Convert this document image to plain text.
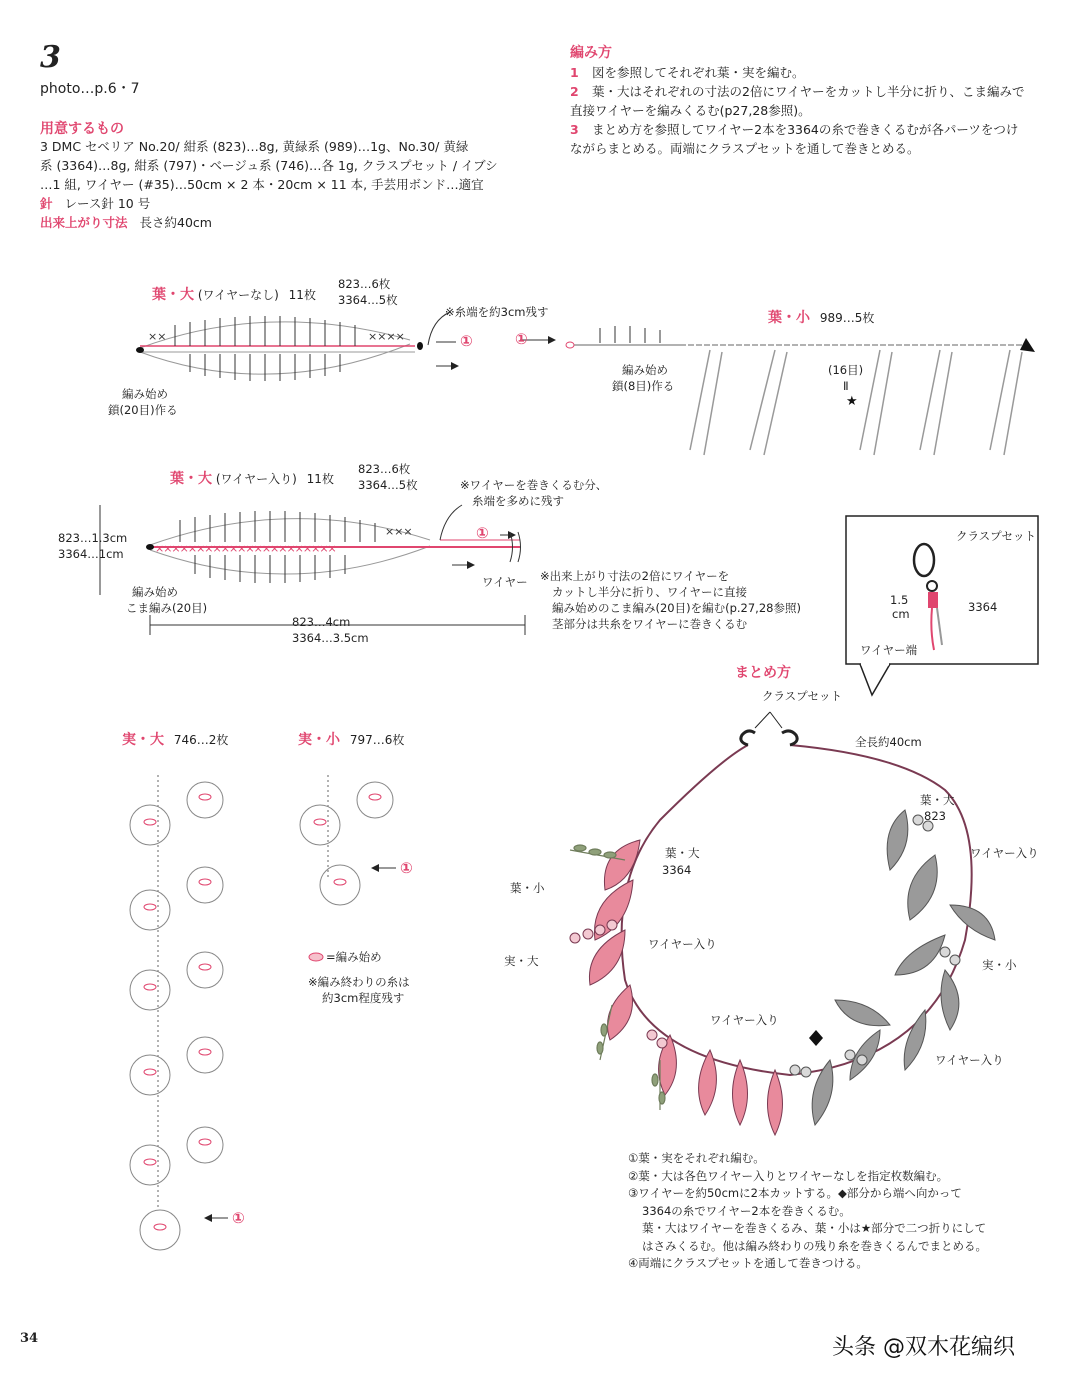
3
photo…p.6・7
用意するもの
3 DMC セベリア No.20/ 紺系 (823)…8g, 黄緑系 (989)…1g、No.30/ 黄緑
系 (3364)…8g, 紺系 (797)・ベージュ系 (746)…各 1g, クラスプセット / イブシ
…1 組, ワイヤー (#35)…50cm × 2 本・20cm × 11 本, 手芸用ボンド…適宜
針 レース針 10 号
出来上がり寸法 長さ約40cm
編み方
1 図を参照してそれぞれ葉・実を編む。
2 葉・大はそれぞれの寸法の2倍にワイヤーをカットし半分に折り、こま編みで
直接ワイヤーを編みくるむ(p27,28参照)。
3 まとめ方を参照してワイヤー2本を3364の糸で巻きくるむが各パーツをつけ
ながらまとめる。両端にクラスプセットを通して巻きとめる。
××××
××
★
××××××××××××××××××××××
×××
葉・大 (ワイヤーなし) 11枚
823…6枚
3364…5枚
※糸端を約3cm残す
①
編み始め
鎖(20目)作る
①
葉・小 989…5枚
編み始め
鎖(8目)作る
(16目)
Ⅱ
葉・大 (ワイヤー入り) 11枚
823…6枚
3364…5枚	※ワイヤーを巻きくるむ分、
糸端を多めに残す
①
823…1.3cm
3364…1cm
編み始め
こま編み(20目)
823…4cm
3364…3.5cm
ワイヤー ※出来上がり寸法の2倍にワイヤーを
カットし半分に折り、ワイヤーに直接
編み始めのこま編み(20目)を編む(p.27,28参照)
茎部分は共糸をワイヤーに巻きくるむ
クラスプセット
1.5
cm	3364
ワイヤー端
まとめ方
クラスプセット
全長約40cm
葉・大
823
ワイヤー入り
葉・大
3364
葉・小
実・大
ワイヤー入り
実・小
ワイヤー入り
ワイヤー入り
①葉・実をそれぞれ編む。
②葉・大は各色ワイヤー入りとワイヤーなしを指定枚数編む。
③ワイヤーを約50cmに2本カットする。◆部分から端へ向かって
3364の糸でワイヤー2本を巻きくるむ。
葉・大はワイヤーを巻きくるみ、葉・小は★部分で二つ折りにして
はさみくるむ。他は編み終わりの残り糸を巻きくるんでまとめる。
④両端にクラスプセットを通して巻きつける。
実・大 746…2枚
①
実・小 797…6枚
①
=編み始め
※編み終わりの糸は
約3cm程度残す
34	头条 @双木花编织
